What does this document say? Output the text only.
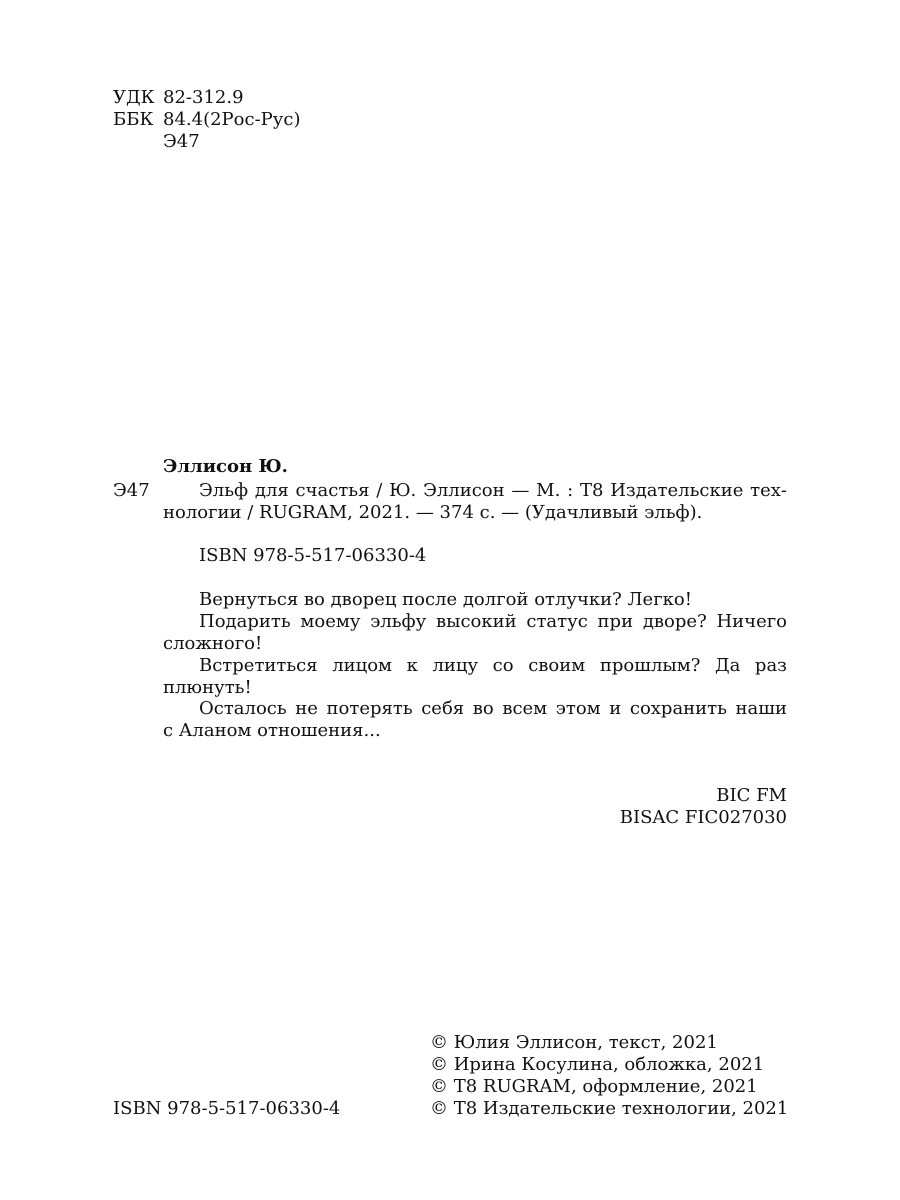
УДК 82-312.9
ББК 84.4(2Рос-Рус)
Э47
Эллисон Ю.
Э47	Эльф для счастья / Ю. Эллисон — М. : Т8 Издательские тех-
нологии / RUGRAM, 2021. — 374 с. — (Удачливый эльф).
ISBN 978-5-517-06330-4
Вернуться во дворец после долгой отлучки? Легко!
Подарить моему эльфу высокий статус при дворе? Ничего
сложного!
Встретиться лицом к лицу со своим прошлым? Да раз
плюнуть!
Осталось не потерять себя во всем этом и сохранить наши
с Аланом отношения...
BIC FM
BISAC FIC027030
© Юлия Эллисон, текст, 2021
© Ирина Косулина, обложка, 2021
© T8 RUGRAM, оформление, 2021
© Т8 Издательские технологии, 2021
ISBN 978-5-517-06330-4
